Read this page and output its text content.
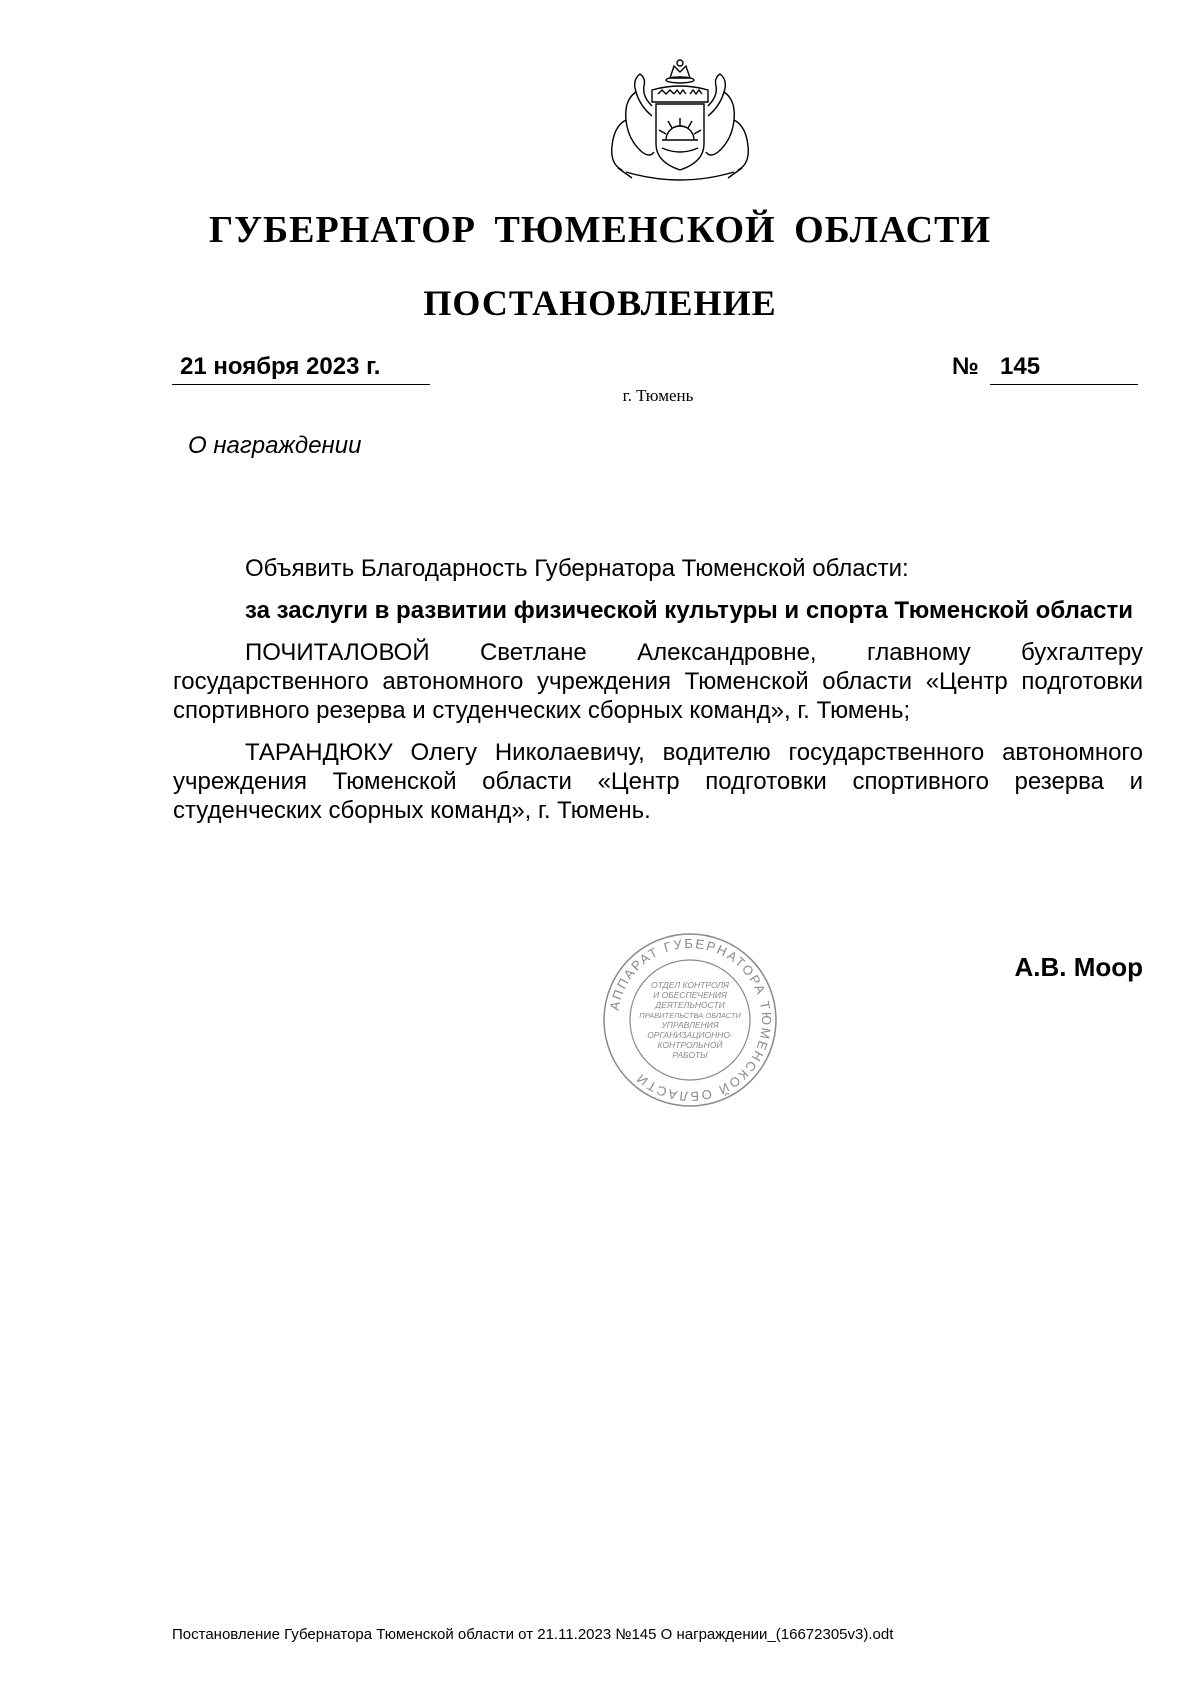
ГУБЕРНАТОР ТЮМЕНСКОЙ ОБЛАСТИ
ПОСТАНОВЛЕНИЕ
21 ноября 2023 г.	№ 145
г. Тюмень
О награждении

Объявить Благодарность Губернатора Тюменской области:

за заслуги в развитии физической культуры и спорта Тюменской области

ПОЧИТАЛОВОЙ Светлане Александровне, главному бухгалтеру государственного автономного учреждения Тюменской области «Центр подготовки спортивного резерва и студенческих сборных команд», г. Тюмень;

ТАРАНДЮКУ Олегу Николаевичу, водителю государственного автономного учреждения Тюменской области «Центр подготовки спортивного резерва и студенческих сборных команд», г. Тюмень.

АППАРАТ ГУБЕРНАТОРА ТЮМЕНСКОЙ ОБЛАСТИ
ОТДЕЛ КОНТРОЛЯ
И ОБЕСПЕЧЕНИЯ
ДЕЯТЕЛЬНОСТИ
ПРАВИТЕЛЬСТВА ОБЛАСТИ
УПРАВЛЕНИЯ
ОРГАНИЗАЦИОННО-
КОНТРОЛЬНОЙ
РАБОТЫ
А.В. Моор
Постановление Губернатора Тюменской области от 21.11.2023 №145 О награждении_(16672305v3).odt
